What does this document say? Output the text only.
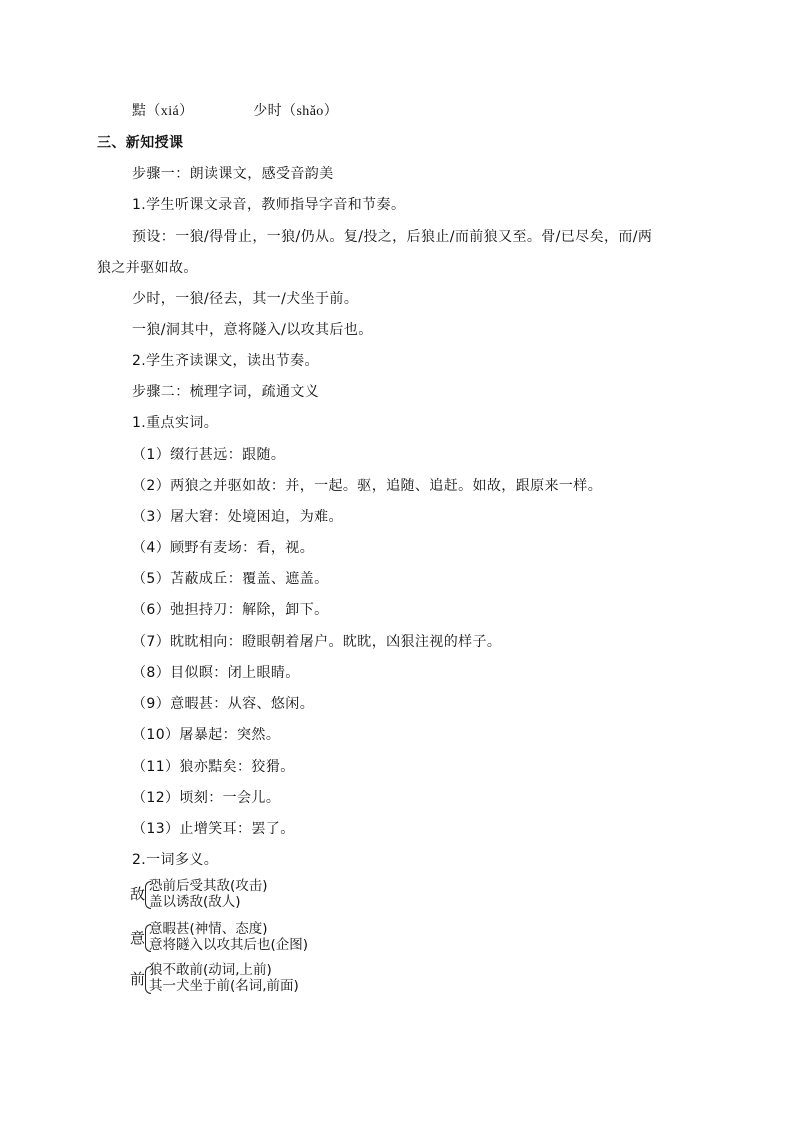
黠（xiá）	少时（shǎo）
三、新知授课
步骤一：朗读课文，感受音韵美
1.学生听课文录音，教师指导字音和节奏。
预设：一狼/得骨止，一狼/仍从。复/投之，后狼止/而前狼又至。骨/已尽矣，而/两
狼之并驱如故。
少时，一狼/径去，其一/犬坐于前。
一狼/洞其中，意将隧入/以攻其后也。
2.学生齐读课文，读出节奏。
步骤二：梳理字词，疏通文义
1.重点实词。
（1）缀行甚远：跟随。
（2）两狼之并驱如故：并，一起。驱，追随、追赶。如故，跟原来一样。
（3）屠大窘：处境困迫，为难。
（4）顾野有麦场：看，视。
（5）苫蔽成丘：覆盖、遮盖。
（6）弛担持刀：解除，卸下。
（7）眈眈相向：瞪眼朝着屠户。眈眈，凶狠注视的样子。
（8）目似瞑：闭上眼睛。
（9）意暇甚：从容、悠闲。
（10）屠暴起：突然。
（11）狼亦黠矣：狡猾。
（12）顷刻：一会儿。
（13）止增笑耳：罢了。
2.一词多义。
敌 恐前后受其敌(攻击)
盖以诱敌(敌人)
意 意暇甚(神情、态度)
意将隧入以攻其后也(企图)
前 狼不敢前(动词,上前)
其一犬坐于前(名词,前面)
